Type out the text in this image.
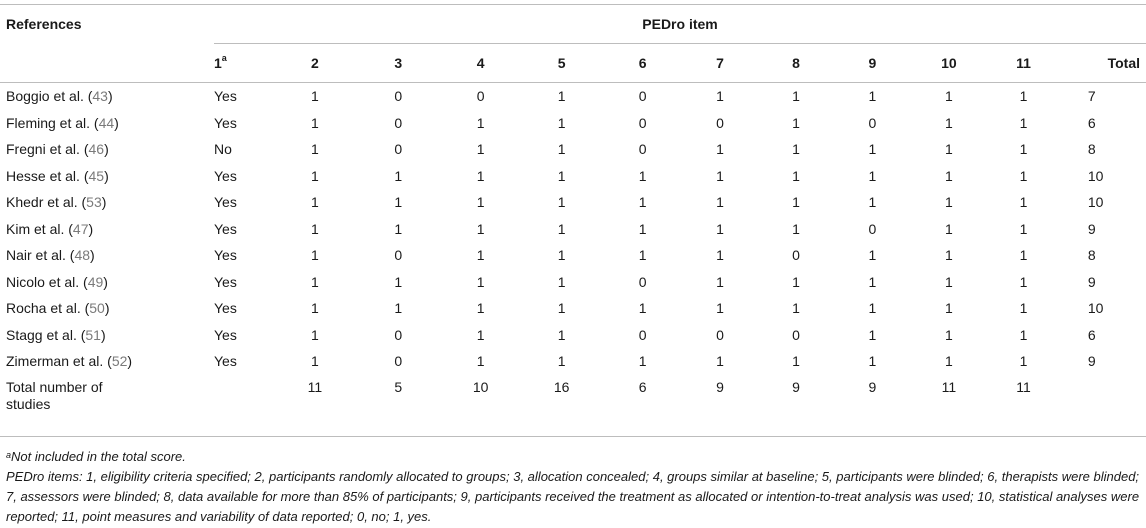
References	PEDro item											
	1$^a$	2	3	4	5	6	7	8	9	10	11	Total

Boggio et al. (43)	Yes	1	0	0	1	0	1	1	1	1	1	7
Fleming et al. (44)	Yes	1	0	1	1	0	0	1	0	1	1	6
Fregni et al. (46)	No	1	0	1	1	0	1	1	1	1	1	8
Hesse et al. (45)	Yes	1	1	1	1	1	1	1	1	1	1	10
Khedr et al. (53)	Yes	1	1	1	1	1	1	1	1	1	1	10
Kim et al. (47)	Yes	1	1	1	1	1	1	1	0	1	1	9
Nair et al. (48)	Yes	1	0	1	1	1	1	0	1	1	1	8
Nicolo et al. (49)	Yes	1	1	1	1	0	1	1	1	1	1	9
Rocha et al. (50)	Yes	1	1	1	1	1	1	1	1	1	1	10
Stagg et al. (51)	Yes	1	0	1	1	0	0	0	1	1	1	6
Zimerman et al. (52)	Yes	1	0	1	1	1	1	1	1	1	1	9
Total number of
studies		11	5	10	16	6	9	9	9	11	11	

$^a$Not included in the total score.

PEDro items: 1, eligibility criteria specified; 2, participants randomly allocated to groups; 3, allocation concealed; 4, groups similar at baseline; 5, participants were blinded; 6, therapists were blinded; 7, assessors were blinded; 8, data available for more than 85% of participants; 9, participants received the treatment as allocated or intention-to-treat analysis was used; 10, statistical analyses were reported; 11, point measures and variability of data reported; 0, no; 1, yes.
